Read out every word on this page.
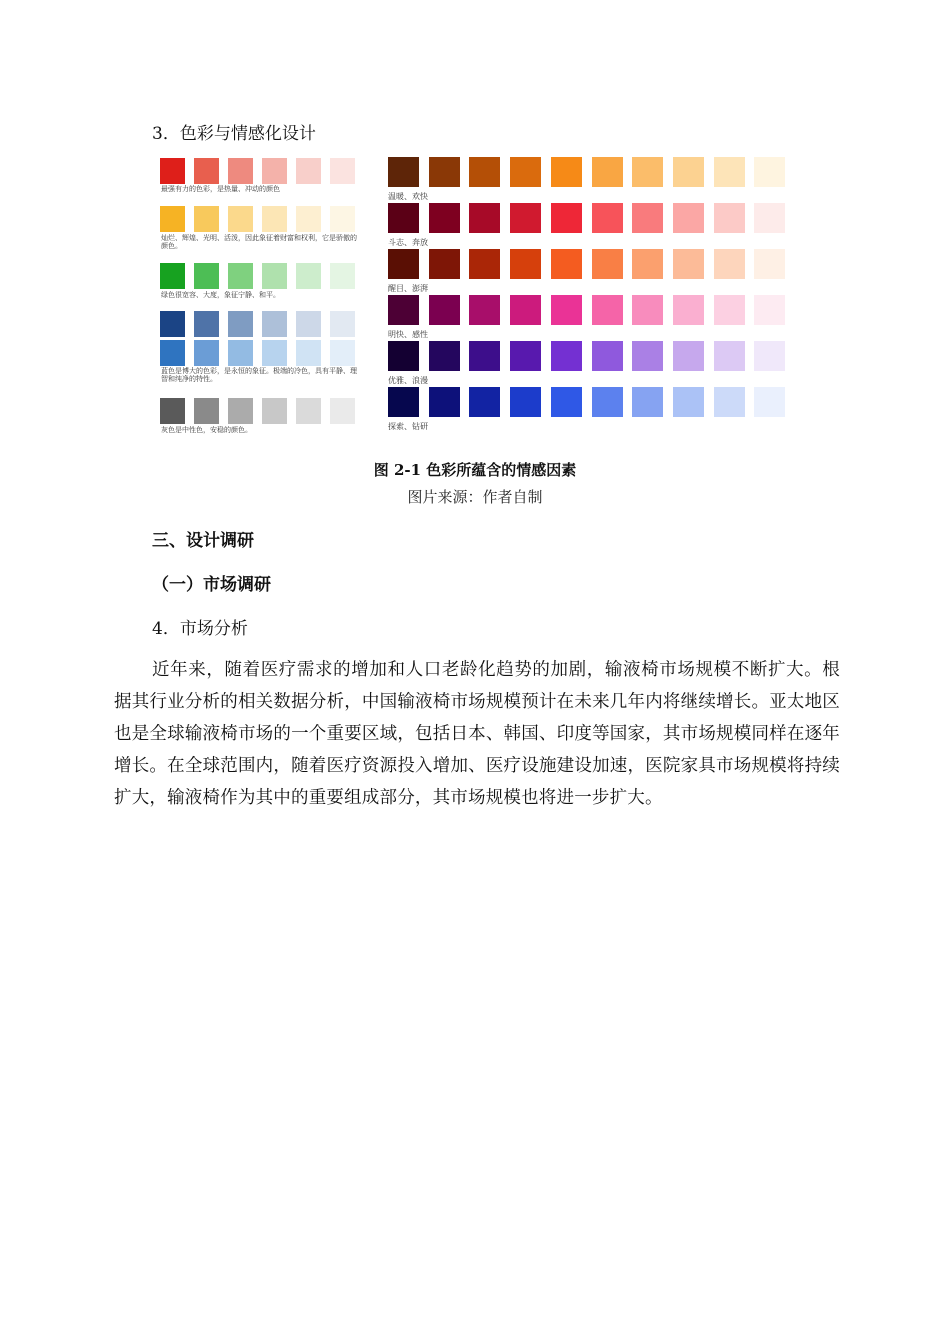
3．色彩与情感化设计
最强有力的色彩，是热量、冲动的颜色
灿烂、辉煌、光明、活泼，因此象征着财富和权利，它是骄傲的颜色。
绿色很宽容、大度，象征宁静、和平。
蓝色是博大的色彩，是永恒的象征。极端的冷色，具有平静、理智和纯净的特性。
灰色是中性色，安稳的颜色。
温暖、欢快
斗志、奔放
醒目、澎湃
明快、感性
优雅、浪漫
探索、钻研
图 2-1 色彩所蕴含的情感因素
图片来源：作者自制
三、设计调研
（一）市场调研
4．市场分析
近年来，随着医疗需求的增加和人口老龄化趋势的加剧，输液椅市场规模不断扩大。根据其行业分析的相关数据分析，中国输液椅市场规模预计在未来几年内将继续增长。亚太地区也是全球输液椅市场的一个重要区域，包括日本、韩国、印度等国家，其市场规模同样在逐年增长。在全球范围内，随着医疗资源投入增加、医疗设施建设加速，医院家具市场规模将持续扩大，输液椅作为其中的重要组成部分，其市场规模也将进一步扩大。
